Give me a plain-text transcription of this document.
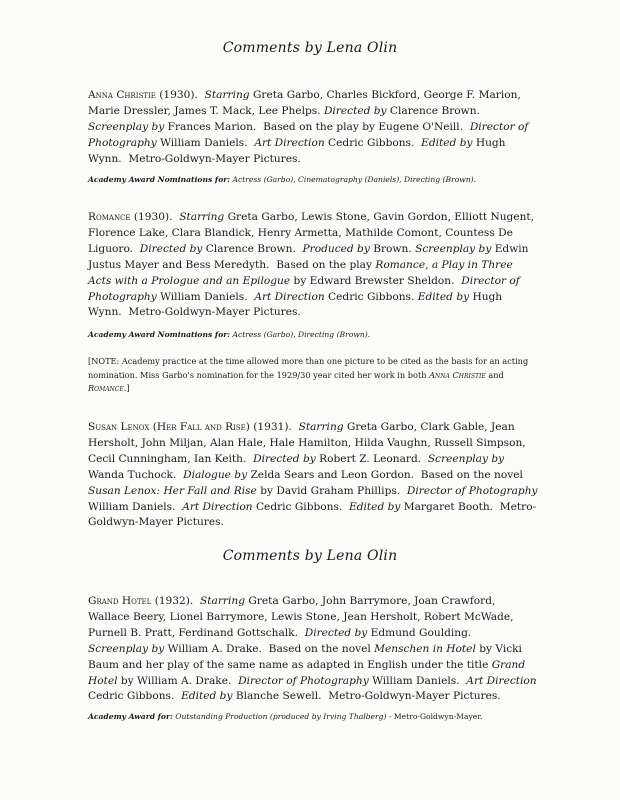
Comments by Lena Olin
Anna Christie (1930). Starring Greta Garbo, Charles Bickford, George F. Marion, Marie Dressler, James T. Mack, Lee Phelps. Directed by Clarence Brown. Screenplay by Frances Marion. Based on the play by Eugene O'Neill. Director of Photography William Daniels. Art Direction Cedric Gibbons. Edited by Hugh Wynn. Metro-Goldwyn-Mayer Pictures.
Academy Award Nominations for: Actress (Garbo), Cinematography (Daniels), Directing (Brown).
Romance (1930). Starring Greta Garbo, Lewis Stone, Gavin Gordon, Elliott Nugent, Florence Lake, Clara Blandick, Henry Armetta, Mathilde Comont, Countess De Liguoro. Directed by Clarence Brown. Produced by Brown. Screenplay by Edwin Justus Mayer and Bess Meredyth. Based on the play Romance, a Play in Three Acts with a Prologue and an Epilogue by Edward Brewster Sheldon. Director of Photography William Daniels. Art Direction Cedric Gibbons. Edited by Hugh Wynn. Metro-Goldwyn-Mayer Pictures.
Academy Award Nominations for: Actress (Garbo), Directing (Brown).
[NOTE: Academy practice at the time allowed more than one picture to be cited as the basis for an acting nomination. Miss Garbo's nomination for the 1929/30 year cited her work in both Anna Christie and Romance.]
Susan Lenox (Her Fall and Rise) (1931). Starring Greta Garbo, Clark Gable, Jean Hersholt, John Miljan, Alan Hale, Hale Hamilton, Hilda Vaughn, Russell Simpson, Cecil Cunningham, Ian Keith. Directed by Robert Z. Leonard. Screenplay by Wanda Tuchock. Dialogue by Zelda Sears and Leon Gordon. Based on the novel Susan Lenox: Her Fall and Rise by David Graham Phillips. Director of Photography William Daniels. Art Direction Cedric Gibbons. Edited by Margaret Booth. Metro-Goldwyn-Mayer Pictures.
Comments by Lena Olin
Grand Hotel (1932). Starring Greta Garbo, John Barrymore, Joan Crawford, Wallace Beery, Lionel Barrymore, Lewis Stone, Jean Hersholt, Robert McWade, Purnell B. Pratt, Ferdinand Gottschalk. Directed by Edmund Goulding.  Screenplay by William A. Drake. Based on the novel Menschen in Hotel by Vicki Baum and her play of the same name as adapted in English under the title Grand Hotel by William A. Drake. Director of Photography William Daniels. Art Direction Cedric Gibbons. Edited by Blanche Sewell. Metro-Goldwyn-Mayer Pictures.
Academy Award for: Outstanding Production (produced by Irving Thalberg) - Metro-Goldwyn-Mayer.
